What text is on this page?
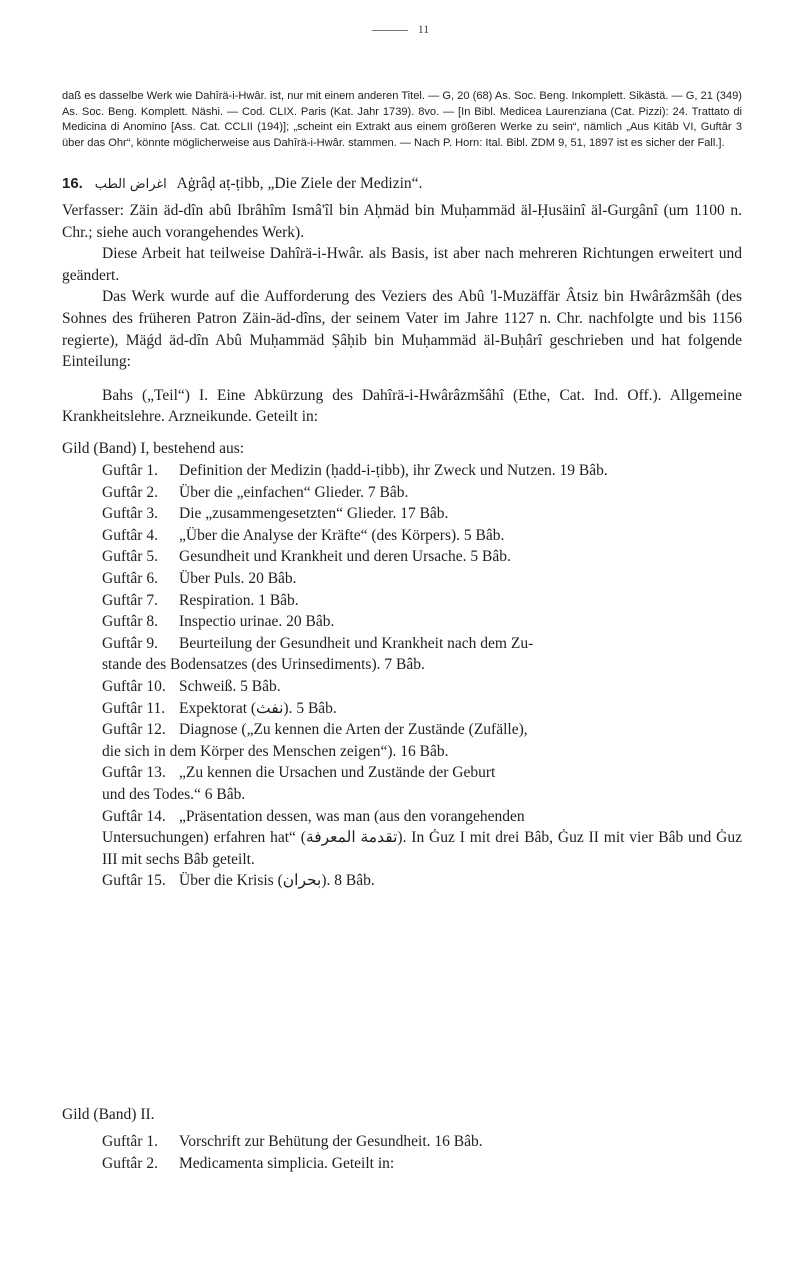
11
daß es dasselbe Werk wie Dahîrä-i-Hwâr. ist, nur mit einem anderen Titel. — G, 20 (68) As. Soc. Beng. Inkomplett. Sikästä. — G, 21 (349) As. Soc. Beng. Komplett. Näshi. — Cod. CLIX. Paris (Kat. Jahr 1739). 8vo. — [In Bibl. Medicea Laurenziana (Cat. Pizzi): 24. Trattato di Medicina di Anomino [Ass. Cat. CCLII (194)]; „scheint ein Extrakt aus einem größeren Werke zu sein“, nämlich „Aus Kitâb VI, Guftâr 3 über das Ohr“, könnte möglicherweise aus Dahîrä-i-Hwâr. stammen. — Nach P. Horn: Ital. Bibl. ZDM 9, 51, 1897 ist es sicher der Fall.].
16. اغراض الطب Aġrâḍ aṭ-ṭibb, „Die Ziele der Medizin“.

Verfasser: Zäin äd-dîn abû Ibrâhîm Ismâ'îl bin Aḥmäd bin Muḥammäd äl-Ḥusäinî äl-Gurgânî (um 1100 n. Chr.; siehe auch vorangehendes Werk).

Diese Arbeit hat teilweise Dahîrä-i-Hwâr. als Basis, ist aber nach mehreren Richtungen erweitert und geändert.

Das Werk wurde auf die Aufforderung des Veziers des Abû 'l-Muzäffär Âtsiz bin Hwârâzmšâh (des Sohnes des früheren Patron Zäin-äd-dîns, der seinem Vater im Jahre 1127 n. Chr. nachfolgte und bis 1156 regierte), Mäǵd äd-dîn Abû Muḥammäd Ṣâḥib bin Muḥammäd äl-Buḥârî geschrieben und hat folgende Einteilung:

Bahs („Teil“) I. Eine Abkürzung des Dahîrä-i-Hwârâzmšâhî (Ethe, Cat. Ind. Off.). Allgemeine Krankheitslehre. Arzneikunde. Geteilt in:

Gild (Band) I, bestehend aus:
Guftâr 1.	Definition der Medizin (ḥadd-i-ṭibb), ihr Zweck und Nutzen. 19 Bâb.
Guftâr 2.	Über die „einfachen“ Glieder. 7 Bâb.
Guftâr 3.	Die „zusammengesetzten“ Glieder. 17 Bâb.
Guftâr 4.	„Über die Analyse der Kräfte“ (des Körpers). 5 Bâb.
Guftâr 5.	Gesundheit und Krankheit und deren Ursache. 5 Bâb.
Guftâr 6.	Über Puls. 20 Bâb.
Guftâr 7.	Respiration. 1 Bâb.
Guftâr 8.	Inspectio urinae. 20 Bâb.
Guftâr 9.	Beurteilung der Gesundheit und Krankheit nach dem Zu-
stande des Bodensatzes (des Urinsediments). 7 Bâb.
Guftâr 10. Schweiß. 5 Bâb.
Guftâr 11. Expektorat (نفث). 5 Bâb.
Guftâr 12. Diagnose („Zu kennen die Arten der Zustände (Zufälle),
die sich in dem Körper des Menschen zeigen“). 16 Bâb.
Guftâr 13. „Zu kennen die Ursachen und Zustände der Geburt
und des Todes.“ 6 Bâb.
Guftâr 14. „Präsentation dessen, was man (aus den vorangehenden
Untersuchungen) erfahren hat“ (تقدمة المعرفة). In Ġuz I mit drei Bâb, Ġuz II mit vier Bâb und Ġuz III mit sechs Bâb geteilt.
Guftâr 15. Über die Krisis (بحران). 8 Bâb.
Gild (Band) II.
Guftâr 1.	Vorschrift zur Behütung der Gesundheit. 16 Bâb.
Guftâr 2.	Medicamenta simplicia. Geteilt in:
